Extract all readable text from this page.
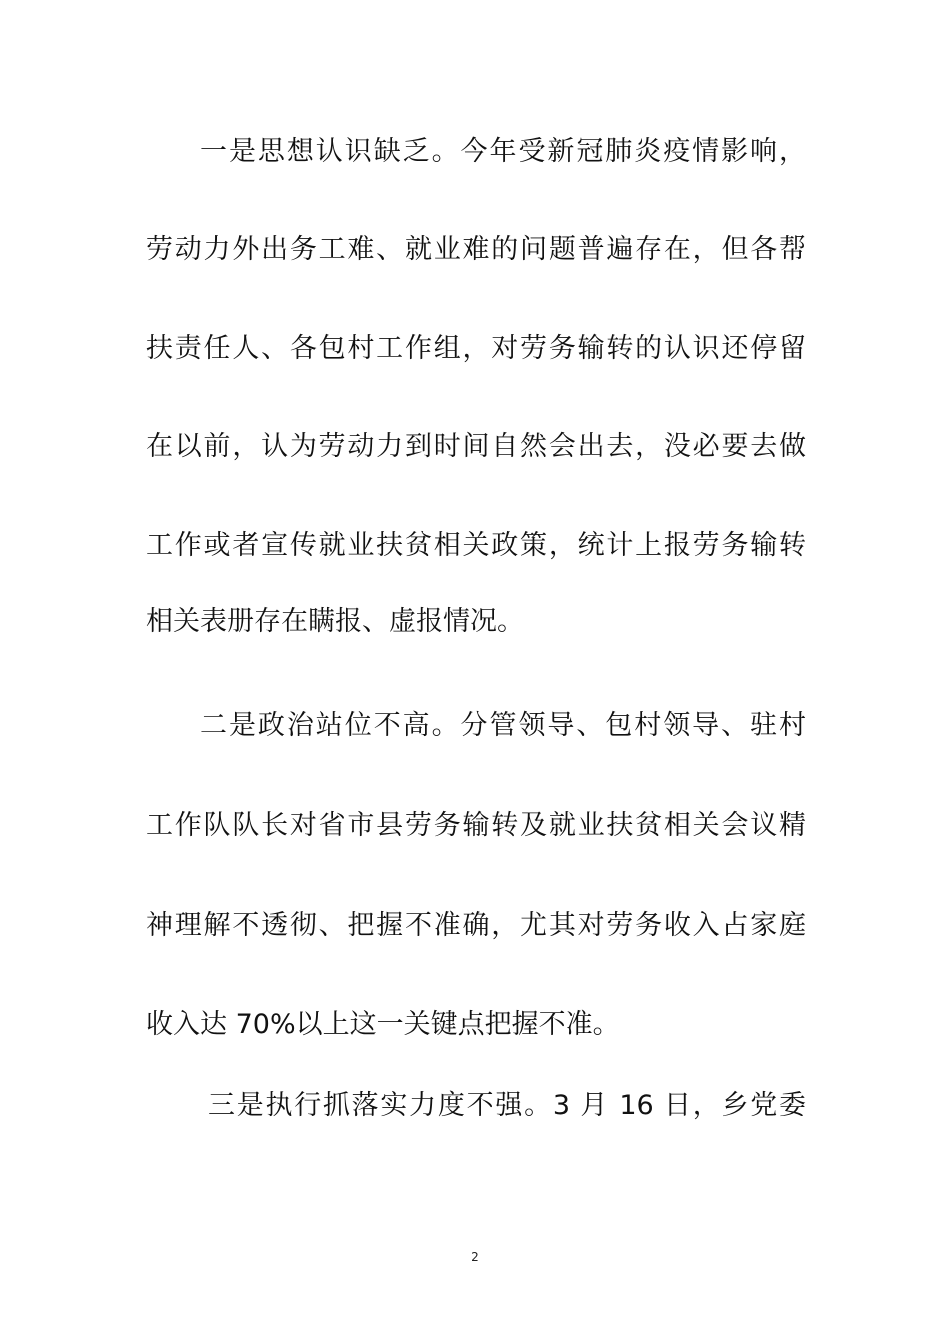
一是思想认识缺乏。今年受新冠肺炎疫情影响，
劳动力外出务工难、就业难的问题普遍存在，但各帮
扶责任人、各包村工作组，对劳务输转的认识还停留
在以前，认为劳动力到时间自然会出去，没必要去做
工作或者宣传就业扶贫相关政策，统计上报劳务输转
相关表册存在瞒报、虚报情况。
二是政治站位不高。分管领导、包村领导、驻村
工作队队长对省市县劳务输转及就业扶贫相关会议精
神理解不透彻、把握不准确，尤其对劳务收入占家庭
收入达 70%以上这一关键点把握不准。
三是执行抓落实力度不强。3 月 16 日，乡党委
2
